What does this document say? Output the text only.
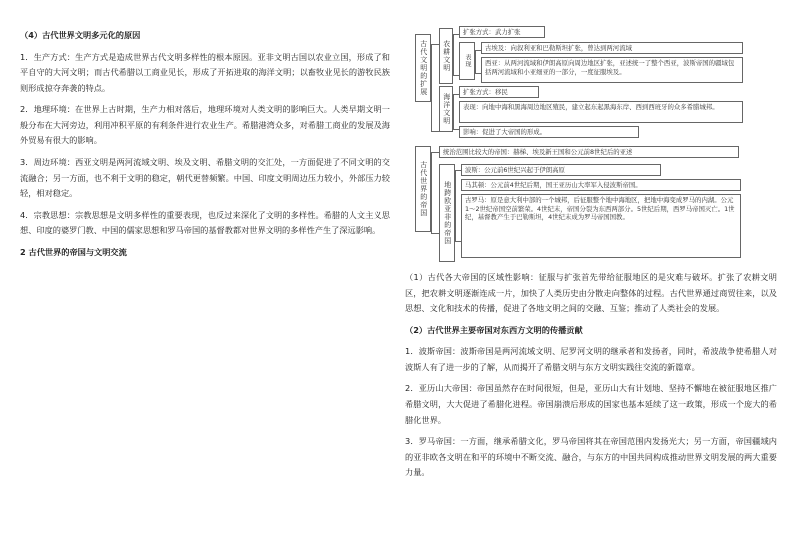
（4）古代世界文明多元化的原因

1．生产方式：生产方式是造成世界古代文明多样性的根本原因。亚非文明古国以农业立国，形成了和平自守的大河文明；而古代希腊以工商业见长，形成了开拓进取的海洋文明；以畜牧业见长的游牧民族则形成掠夺奔袭的特点。

2．地理环境：在世界上古时期，生产力相对落后，地理环境对人类文明的影响巨大。人类早期文明一般分布在大河旁边，利用冲积平原的有利条件进行农业生产。希腊港湾众多，对希腊工商业的发展及海外贸易有很大的影响。

3．周边环境：西亚文明是两河流域文明、埃及文明、希腊文明的交汇处，一方面促进了不同文明的交流融合；另一方面，也不利于文明的稳定，朝代更替频繁。中国、印度文明周边压力较小，外部压力较轻，相对稳定。

4．宗教思想：宗教思想是文明多样性的重要表现，也反过来深化了文明的多样性。希腊的人文主义思想、印度的婆罗门教、中国的儒家思想和罗马帝国的基督教都对世界文明的多样性产生了深远影响。

2 古代世界的帝国与文明交流

古代文明的扩展	农耕文明
扩张方式：武力扩张
表现
古埃及：向叙利亚和巴勒斯坦扩张，曾达到两河流域
西亚：从两河流域和伊朗高原向周边地区扩张，亚述统一了整个西亚，波斯帝国的疆域包括两河流域和小亚细亚的一部分，一度征服埃及。
海洋文明
扩张方式：移民
表现：向地中海和黑海周边地区殖民，建立起东起黑海东岸、西到西班牙的众多希腊城邦。
影响：促进了大帝国的形成。
古代世界的帝国
统治范围比较大的帝国：赫梯、埃及新王国和公元前8世纪后的亚述
地跨欧亚非的帝国
波斯：公元前6世纪兴起于伊朗高原
马其顿：公元前4世纪后期，国王亚历山大率军入侵波斯帝国。
古罗马：原是意大利中部的一个城邦，后征服整个地中海地区，把地中海变成罗马的内湖。公元1～2世纪帝国空前繁荣。4世纪末，帝国分裂为东西两部分。5世纪后期，西罗马帝国灭亡。1世纪，基督教产生于巴勒斯坦，4世纪末成为罗马帝国国教。

（1）古代各大帝国的区域性影响：征服与扩张首先带给征服地区的是灾难与破坏。扩张了农耕文明区，把农耕文明逐渐连成一片，加快了人类历史由分散走向整体的过程。古代世界通过商贸往来，以及思想、文化和技术的传播，促进了各地文明之间的交融、互鉴；推动了人类社会的发展。

（2）古代世界主要帝国对东西方文明的传播贡献

1．波斯帝国：波斯帝国是两河流域文明、尼罗河文明的继承者和发扬者，同时，希波战争使希腊人对波斯人有了进一步的了解，从而揭开了希腊文明与东方文明实践往交流的新篇章。

2．亚历山大帝国：帝国虽然存在时间很短，但是，亚历山大有计划地、坚持不懈地在被征服地区推广希腊文明，大大促进了希腊化进程。帝国崩溃后形成的国家也基本延续了这一政策，形成一个庞大的希腊化世界。

3．罗马帝国：一方面，继承希腊文化，罗马帝国将其在帝国范围内发扬光大；另一方面，帝国疆域内的亚非欧各文明在和平的环境中不断交流、融合，与东方的中国共同构成推动世界文明发展的两大重要力量。
